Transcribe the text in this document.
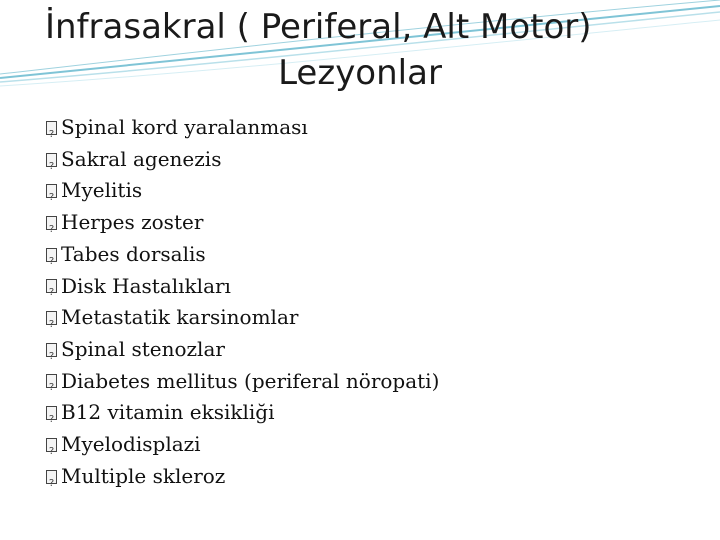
İnfrasakral ( Periferal, Alt Motor)
Lezyonlar
?
Spinal kord yaralanması
?
Sakral agenezis
?
Myelitis
?
Herpes zoster
?
Tabes dorsalis
?
Disk Hastalıkları
?
Metastatik karsinomlar
?
Spinal stenozlar
?
Diabetes mellitus (periferal nöropati)
?
B12 vitamin eksikliği
?
Myelodisplazi
?
Multiple skleroz
